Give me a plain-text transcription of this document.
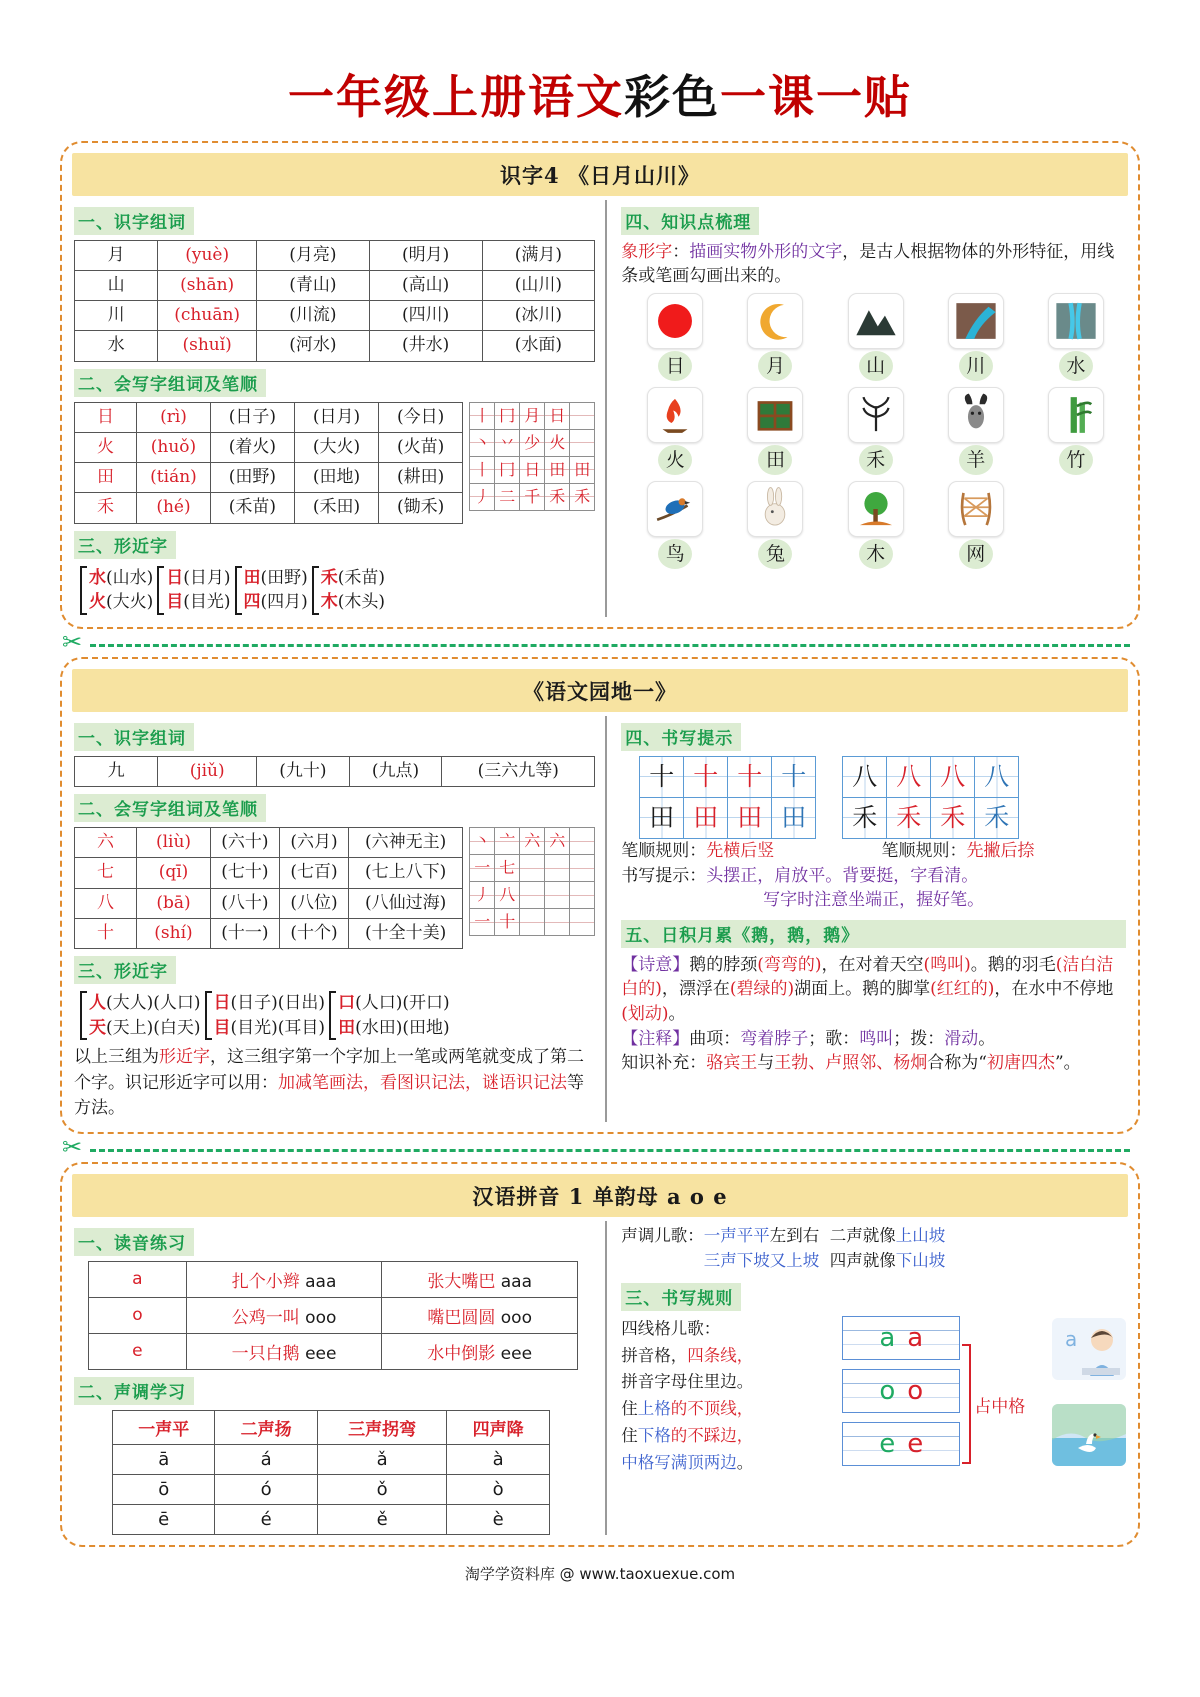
一年级上册语文彩色一课一贴
识字4 《日月山川》
一、识字组词
月	(yuè)	(月亮)	(明月)	(满月)
山	(shān)	(青山)	(高山)	(山川)
川	(chuān)	(川流)	(四川)	(冰川)
水	(shuǐ)	(河水)	(井水)	(水面)
二、会写字组词及笔顺
日	(rì)	(日子)	(日月)	(今日)
火	(huǒ)	(着火)	(大火)	(火苗)
田	(tián)	(田野)	(田地)	(耕田)
禾	(hé)	(禾苗)	(禾田)	(锄禾)
丨	冂	月	日	
丶	丷	少	火	
丨	冂	日	田	田
丿	二	千	禾	禾
三、形近字
水(山水)
火(大火)
日(日月)
目(目光)
田(田野)
四(四月)
禾(禾苗)
木(木头)
四、知识点梳理
象形字：描画实物外形的文字，是古人根据物体的外形特征，用线条或笔画勾画出来的。
日	月	山	川	水
火	田	禾	羊	竹
鸟	兔	木	网
✂
《语文园地一》
一、识字组词
九	(jiǔ)	(九十)	(九点)	(三六九等)
二、会写字组词及笔顺
六	(liù)	(六十)	(六月)	(六神无主)
七	(qī)	(七十)	(七百)	(七上八下)
八	(bā)	(八十)	(八位)	(八仙过海)
十	(shí)	(十一)	(十个)	(十全十美)
丶	亠	六	六	
一	七			
丿	八			
一	十			
三、形近字
人(大人)(人口)
天(天上)(白天)
日(日子)(日出)
目(目光)(耳目)
口(人口)(开口)
田(水田)(田地)
以上三组为形近字，这三组字第一个字加上一笔或两笔就变成了第二个字。识记形近字可以用：加减笔画法，看图识记法，谜语识记法等方法。
四、书写提示
十	十	十	十
田	田	田	田
八	八	八	八
禾	禾	禾	禾
笔顺规则：先横后竖	笔顺规则：先撇后捺
书写提示：头摆正，肩放平。背要挺，字看清。
写字时注意坐端正，握好笔。
五、日积月累《鹅，鹅，鹅》
【诗意】鹅的脖颈(弯弯的)，在对着天空(鸣叫)。鹅的羽毛(洁白洁白的)，漂浮在(碧绿的)湖面上。鹅的脚掌(红红的)，在水中不停地(划动)。
【注释】曲项：弯着脖子；歌：鸣叫；拨：滑动。
知识补充：骆宾王与王勃、卢照邻、杨炯合称为“初唐四杰”。
✂
汉语拼音 1 单韵母 a o e
一、读音练习
a	扎个小辫 aaa	张大嘴巴 aaa
o	公鸡一叫 ooo	嘴巴圆圆 ooo
e	一只白鹅 eee	水中倒影 eee
二、声调学习
一声平	二声扬	三声拐弯	四声降
ā	á	ǎ	à
ō	ó	ǒ	ò
ē	é	ě	è
声调儿歌：一声平平左到右 二声就像上山坡
三声下坡又上坡 四声就像下山坡
三、书写规则
四线格儿歌：
拼音格，四条线，
拼音字母住里边。
住上格的不顶线，
住下格的不踩边，
中格写满顶两边。
a a
o o
e e
占中格
a
淘学学资料库 @ www.taoxuexue.com
